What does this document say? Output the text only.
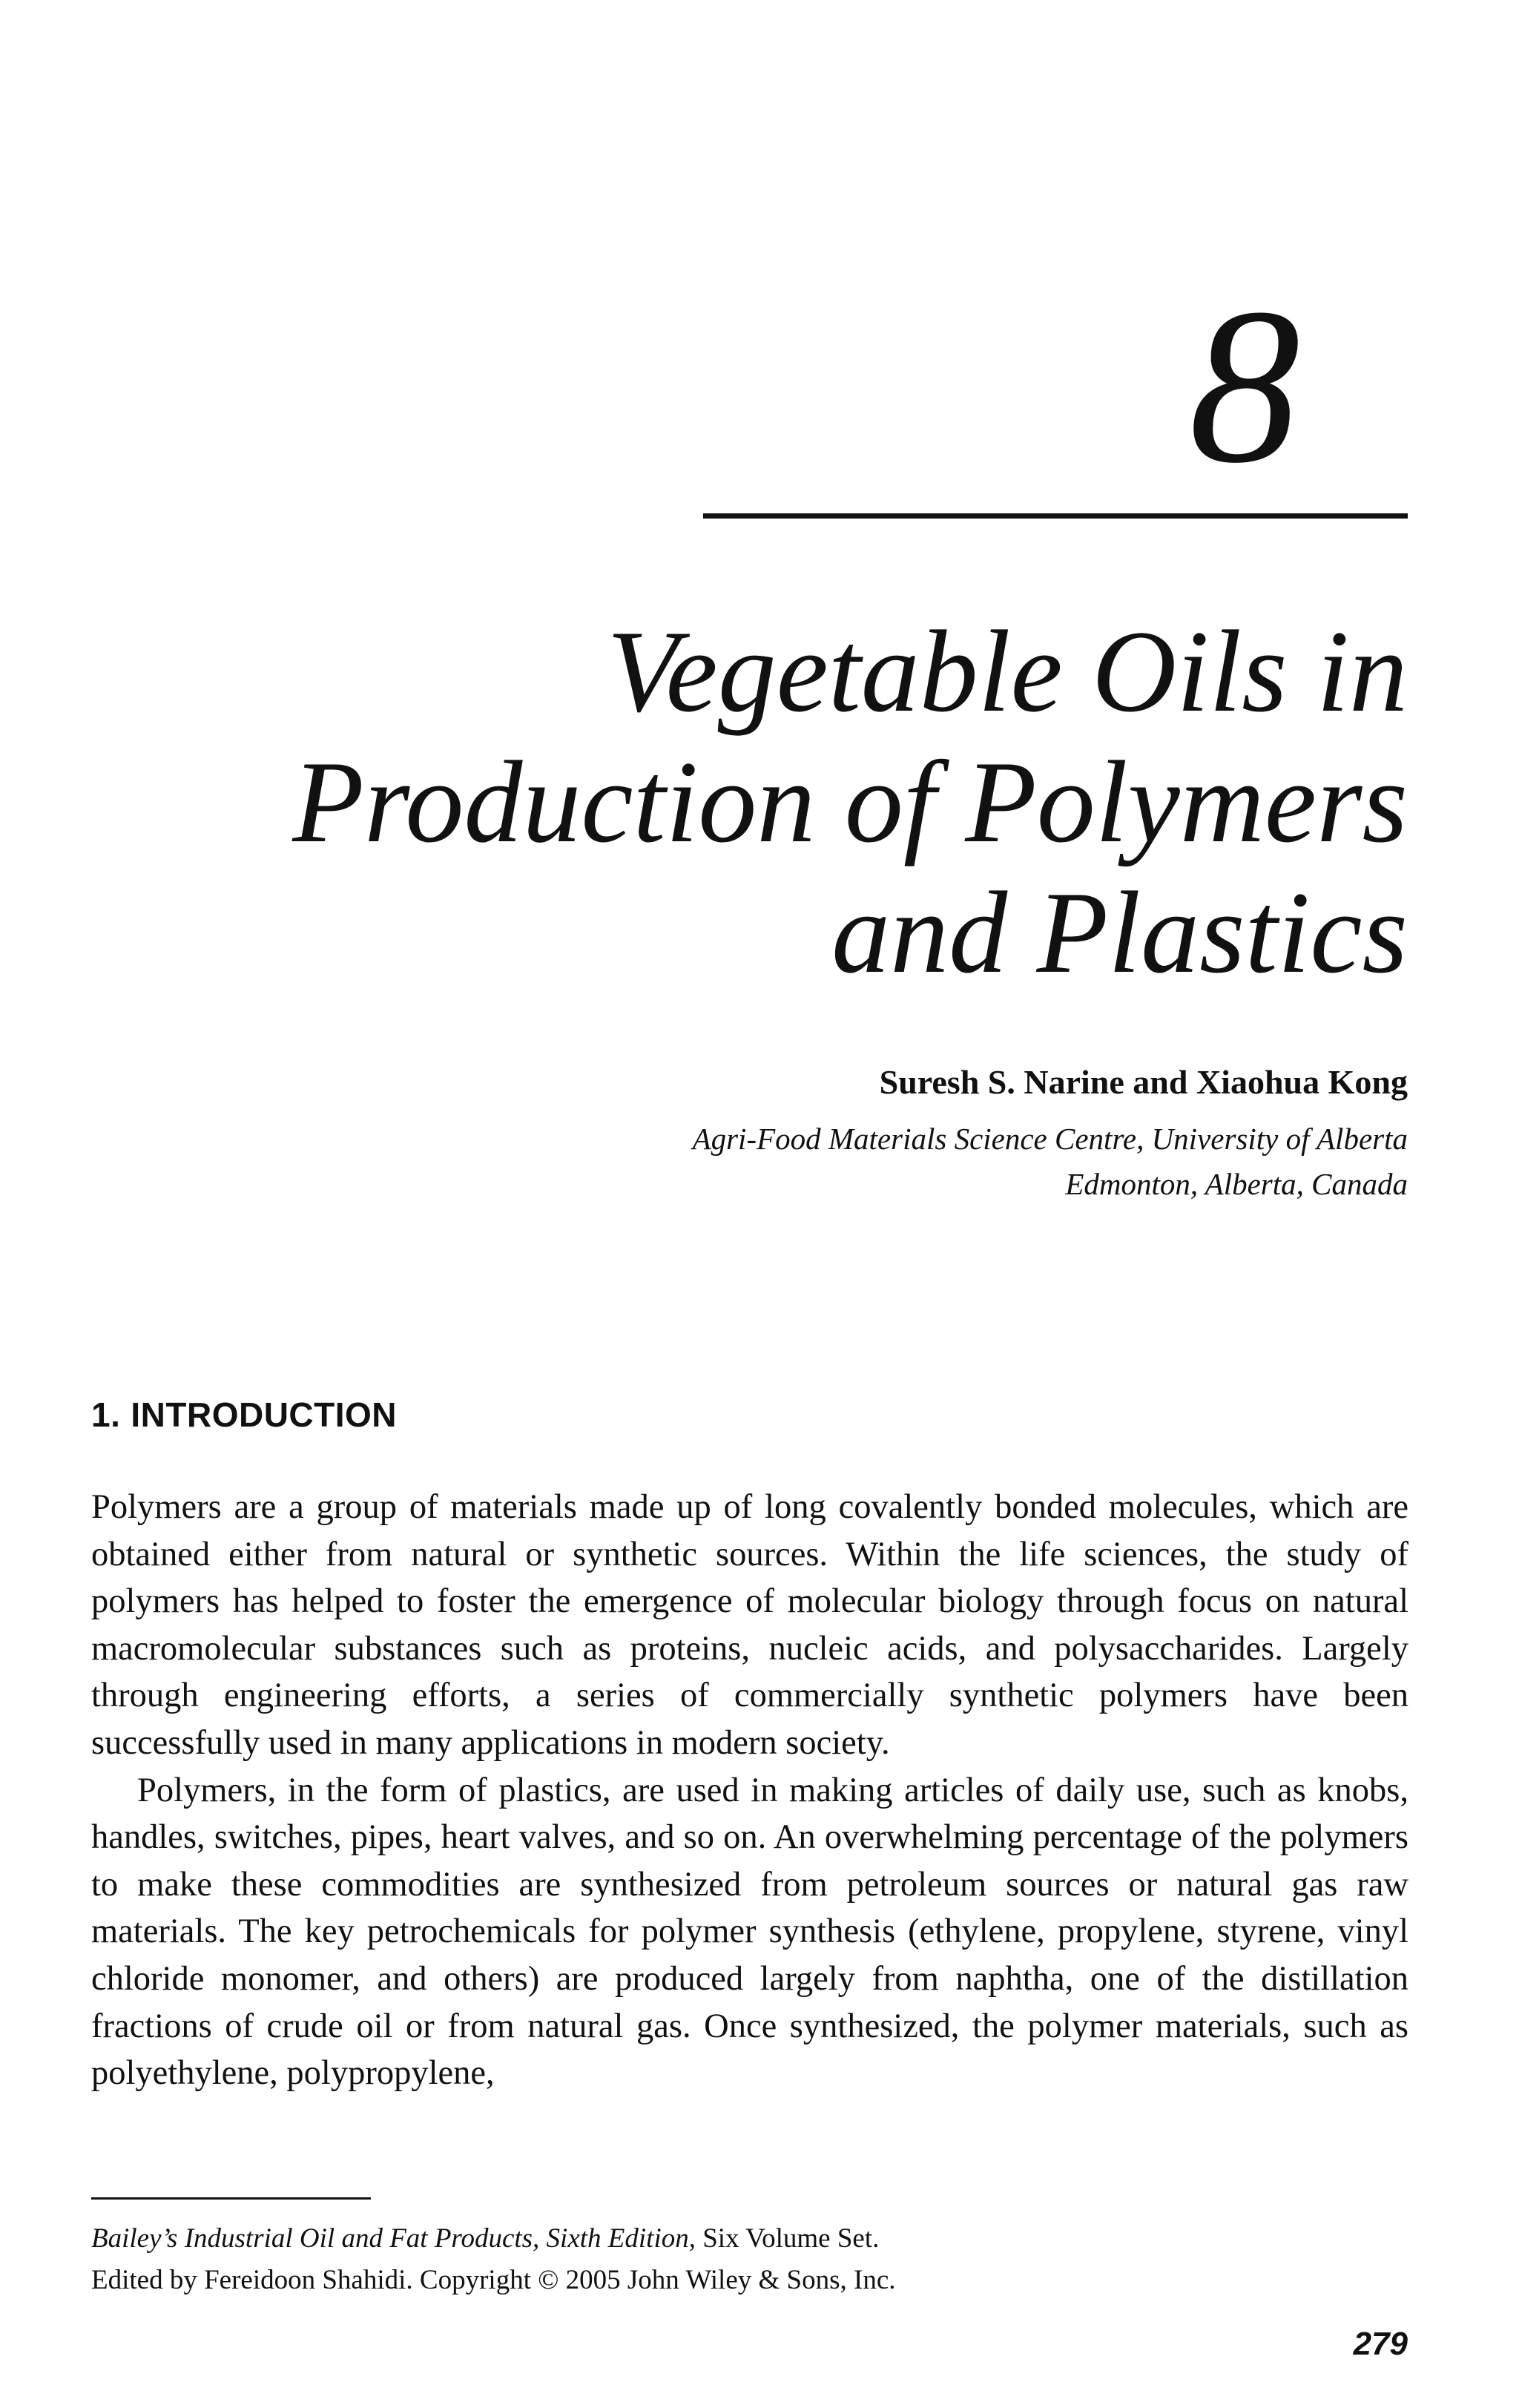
8
Vegetable Oils in
Production of Polymers
and Plastics
Suresh S. Narine and Xiaohua Kong
Agri-Food Materials Science Centre, University of Alberta
Edmonton, Alberta, Canada
1. INTRODUCTION

Polymers are a group of materials made up of long covalently bonded molecules, which are obtained either from natural or synthetic sources. Within the life sciences, the study of polymers has helped to foster the emergence of molecular biology through focus on natural macromolecular substances such as proteins, nucleic acids, and polysaccharides. Largely through engineering efforts, a series of commercially synthetic polymers have been successfully used in many applications in modern society.

Polymers, in the form of plastics, are used in making articles of daily use, such as knobs, handles, switches, pipes, heart valves, and so on. An overwhelming percentage of the polymers to make these commodities are synthesized from petroleum sources or natural gas raw materials. The key petrochemicals for polymer synthesis (ethylene, propylene, styrene, vinyl chloride monomer, and others) are produced largely from naphtha, one of the distillation fractions of crude oil or from natural gas. Once synthesized, the polymer materials, such as polyethylene, polypropylene,

Bailey’s Industrial Oil and Fat Products, Sixth Edition, Six Volume Set.
Edited by Fereidoon Shahidi. Copyright © 2005 John Wiley & Sons, Inc.
279
